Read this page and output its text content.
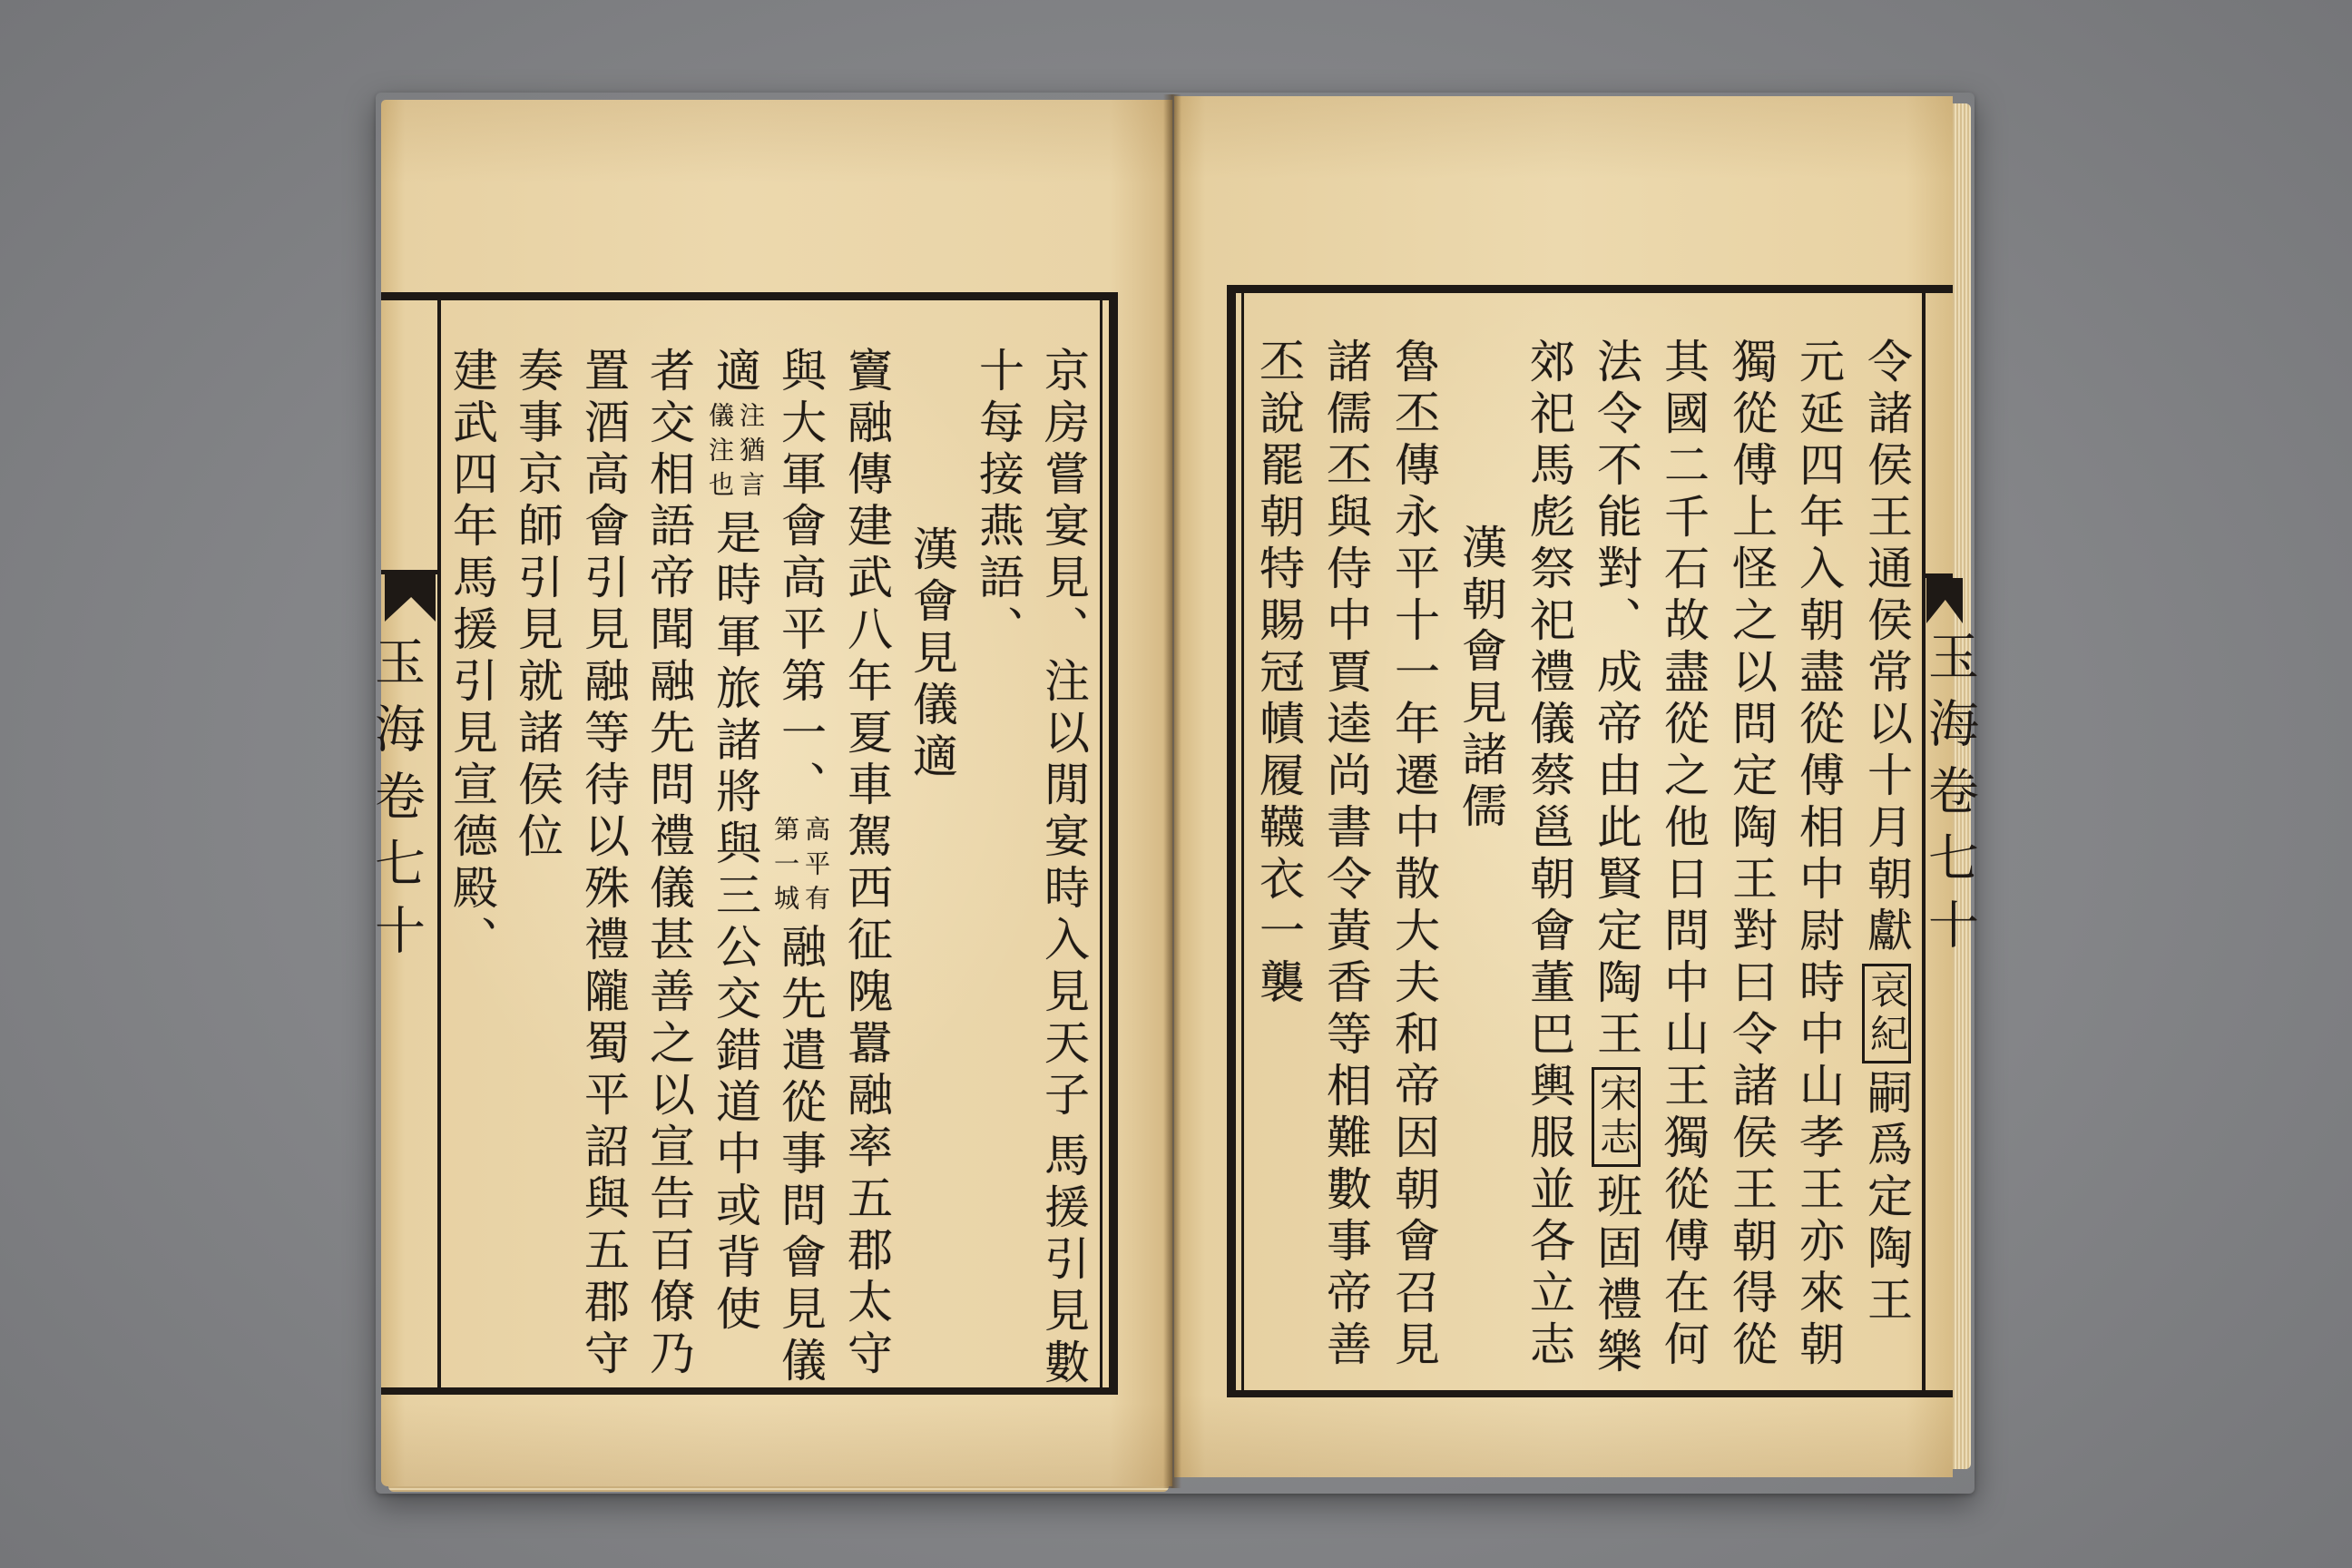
玉海卷七十	京房嘗宴見、注以閒宴時入見天子
馬援引見數
十每接燕語、
漢會見儀適
竇融傳建武八年夏車駕西征隗囂融率五郡太守
與大軍會高平第一、
高平有
第一城
融先遣從事問會見儀
適
注猶言
儀注也
是時軍旅諸將與三公交錯道中或背使
者交相語帝聞融先問禮儀甚善之以宣告百僚乃
置酒高會引見融等待以殊禮隴蜀平詔與五郡守
奏事京師引見就諸侯位
建武四年馬援引見宣德殿、	玉海卷七十
令諸侯王通侯常以十月朝獻
哀紀
嗣爲定陶王
元延四年入朝盡從傅相中尉時中山孝王亦來朝
獨從傅上怪之以問定陶王對曰令諸侯王朝得從
其國二千石故盡從之他日問中山王獨從傅在何
法令不能對、成帝由此賢定陶王
宋志
班固禮樂
郊祀馬彪祭祀禮儀蔡邕朝會董巴輿服並各立志
漢朝會見諸儒
魯丕傳永平十一年遷中散大夫和帝因朝會召見
諸儒丕與侍中賈逵尚書令黃香等相難數事帝善
丕說罷朝特賜冠幘履韈衣一襲
